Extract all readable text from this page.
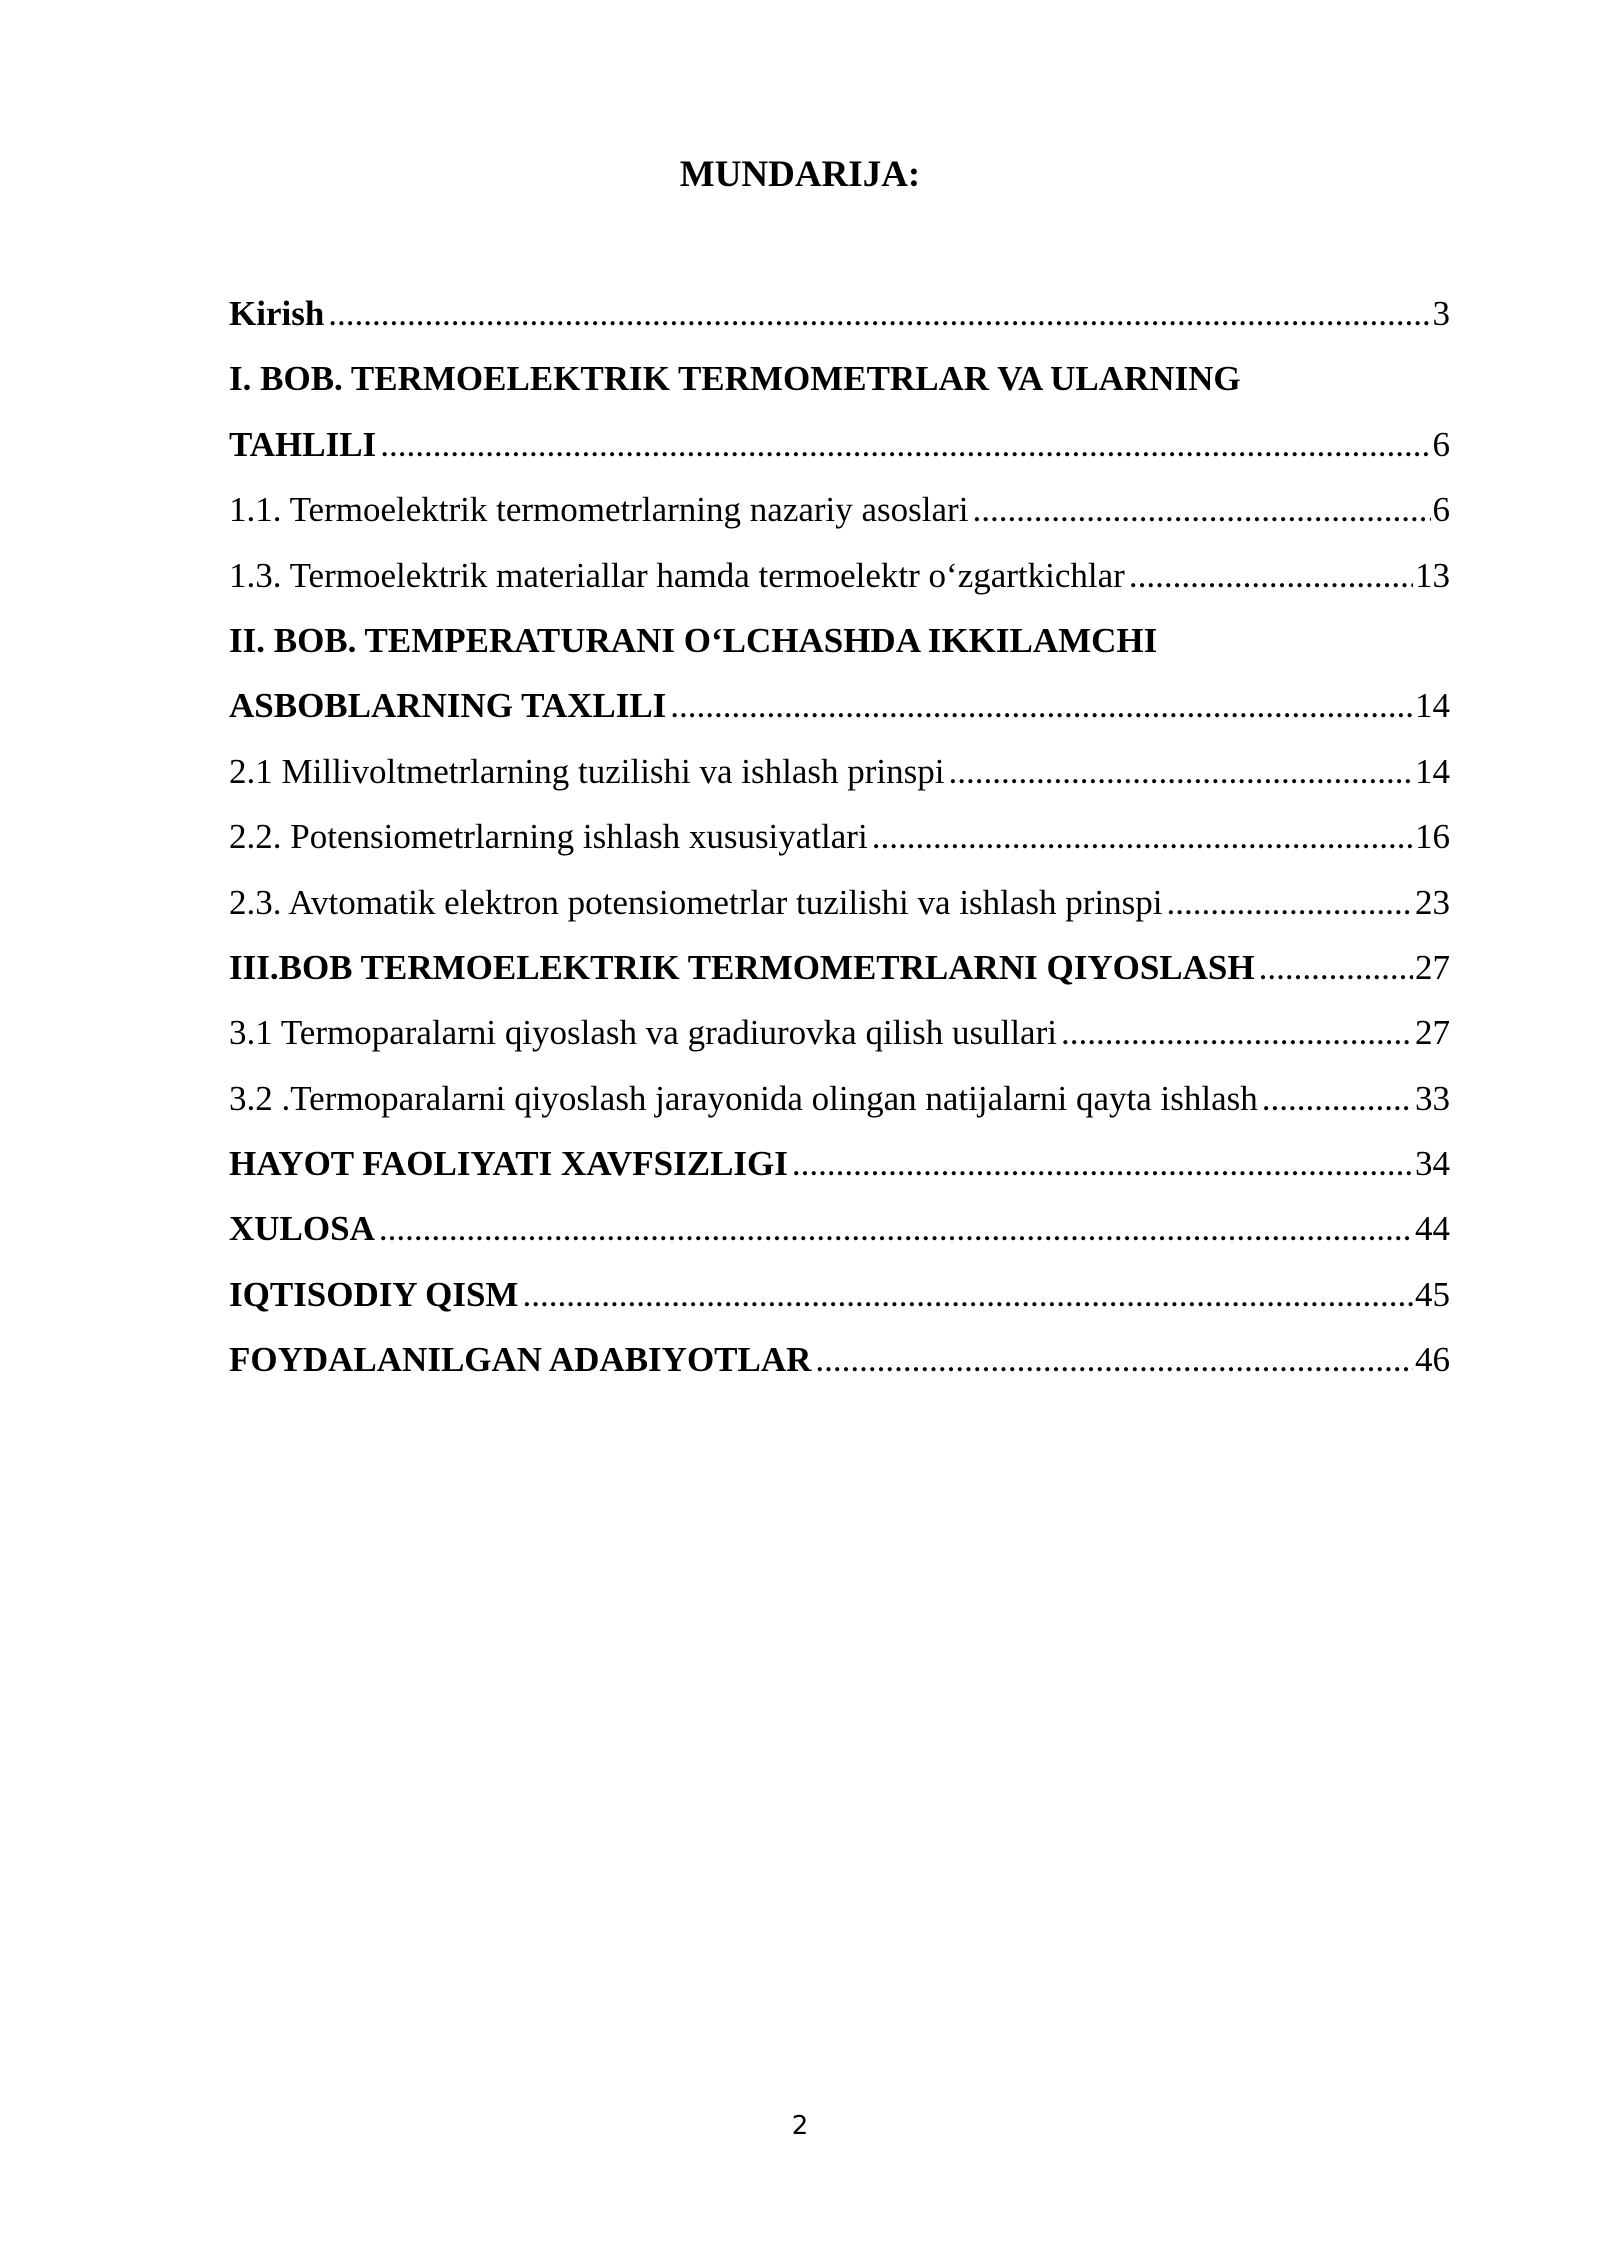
MUNDARIJA:
Kirish .....	3
I. BOB. TERMOELEKTRIK TERMOMETRLAR VA ULARNING
TAHLILI .....	6
1.1. Termoelektrik termometrlarning nazariy asoslari .....	6
1.3. Termoelektrik materiallar hamda termoelektr o‘zgartkichlar .....	13
II. BOB. TEMPERATURANI O‘LCHASHDA IKKILAMCHI
ASBOBLARNING TAXLILI .....	14
2.1 Millivoltmetrlarning tuzilishi va ishlash prinspi .....	14
2.2. Potensiometrlarning ishlash xususiyatlari .....	16
2.3. Avtomatik elektron potensiometrlar tuzilishi va ishlash prinspi .....	23
III.BOB TERMOELEKTRIK TERMOMETRLARNI QIYOSLASH .....	27
3.1 Termoparalarni qiyoslash va gradiurovka qilish usullari .....	27
3.2 .Termoparalarni qiyoslash jarayonida olingan natijalarni qayta ishlash .....	33
HAYOT FAOLIYATI XAVFSIZLIGI .....	34
XULOSA .....	44
IQTISODIY QISM .....	45
FOYDALANILGAN ADABIYOTLAR .....	46
2
